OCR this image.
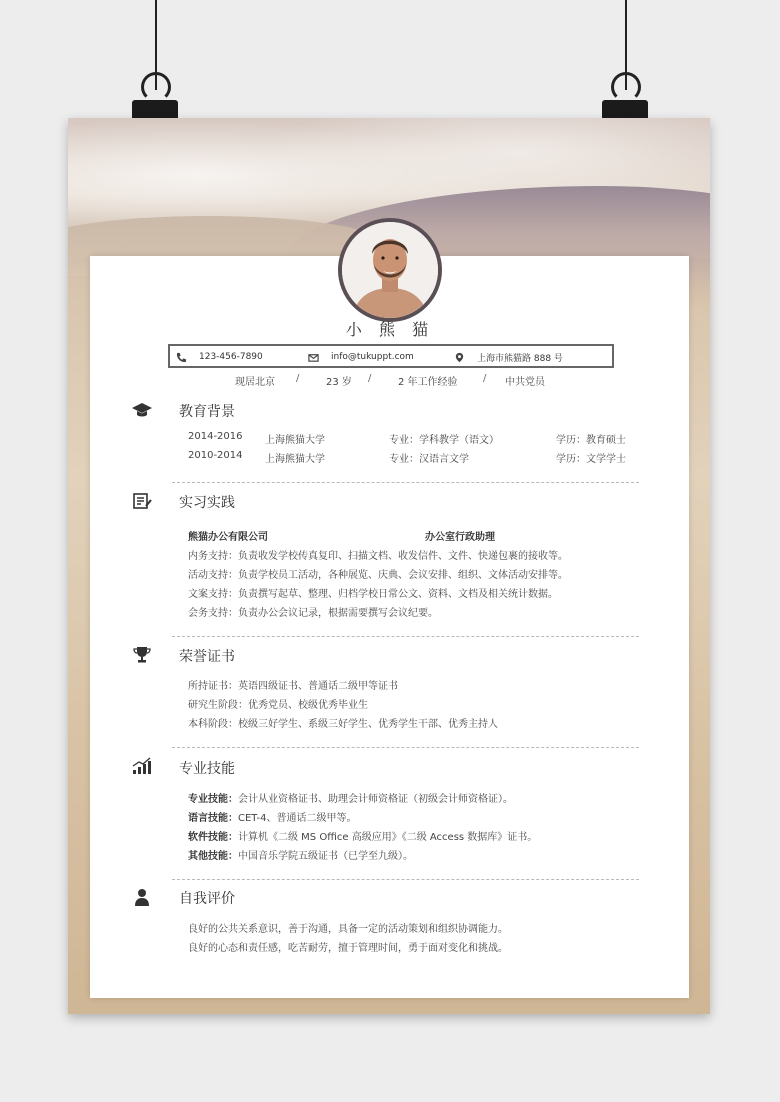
小 熊 猫
123-456-7890	info@tukuppt.com	上海市熊猫路 888 号
现居北京 /	23 岁 /	2 年工作经验	/ 中共党员
教育背景
2014-2016 上海熊猫大学	专业：学科教学（语文）	学历：教育硕士
2010-2014 上海熊猫大学	专业：汉语言文学	学历：文学学士
实习实践
熊猫办公有限公司	办公室行政助理
内务支持：负责收发学校传真复印、扫描文档、收发信件、文件、快递包裹的接收等。
活动支持：负责学校员工活动，各种展览、庆典、会议安排、组织、文体活动安排等。
文案支持：负责撰写起草、整理、归档学校日常公文、资料、文档及相关统计数据。
会务支持：负责办公会议记录，根据需要撰写会议纪要。
荣誉证书
所持证书：英语四级证书、普通话二级甲等证书
研究生阶段：优秀党员、校级优秀毕业生
本科阶段：校级三好学生、系级三好学生、优秀学生干部、优秀主持人
专业技能
专业技能：会计从业资格证书、助理会计师资格证（初级会计师资格证）。
语言技能：CET-4、普通话二级甲等。
软件技能：计算机《二级 MS Office 高级应用》《二级 Access 数据库》证书。
其他技能：中国音乐学院五级证书（已学至九级）。
自我评价
良好的公共关系意识，善于沟通，具备一定的活动策划和组织协调能力。
良好的心态和责任感，吃苦耐劳，擅于管理时间，勇于面对变化和挑战。
